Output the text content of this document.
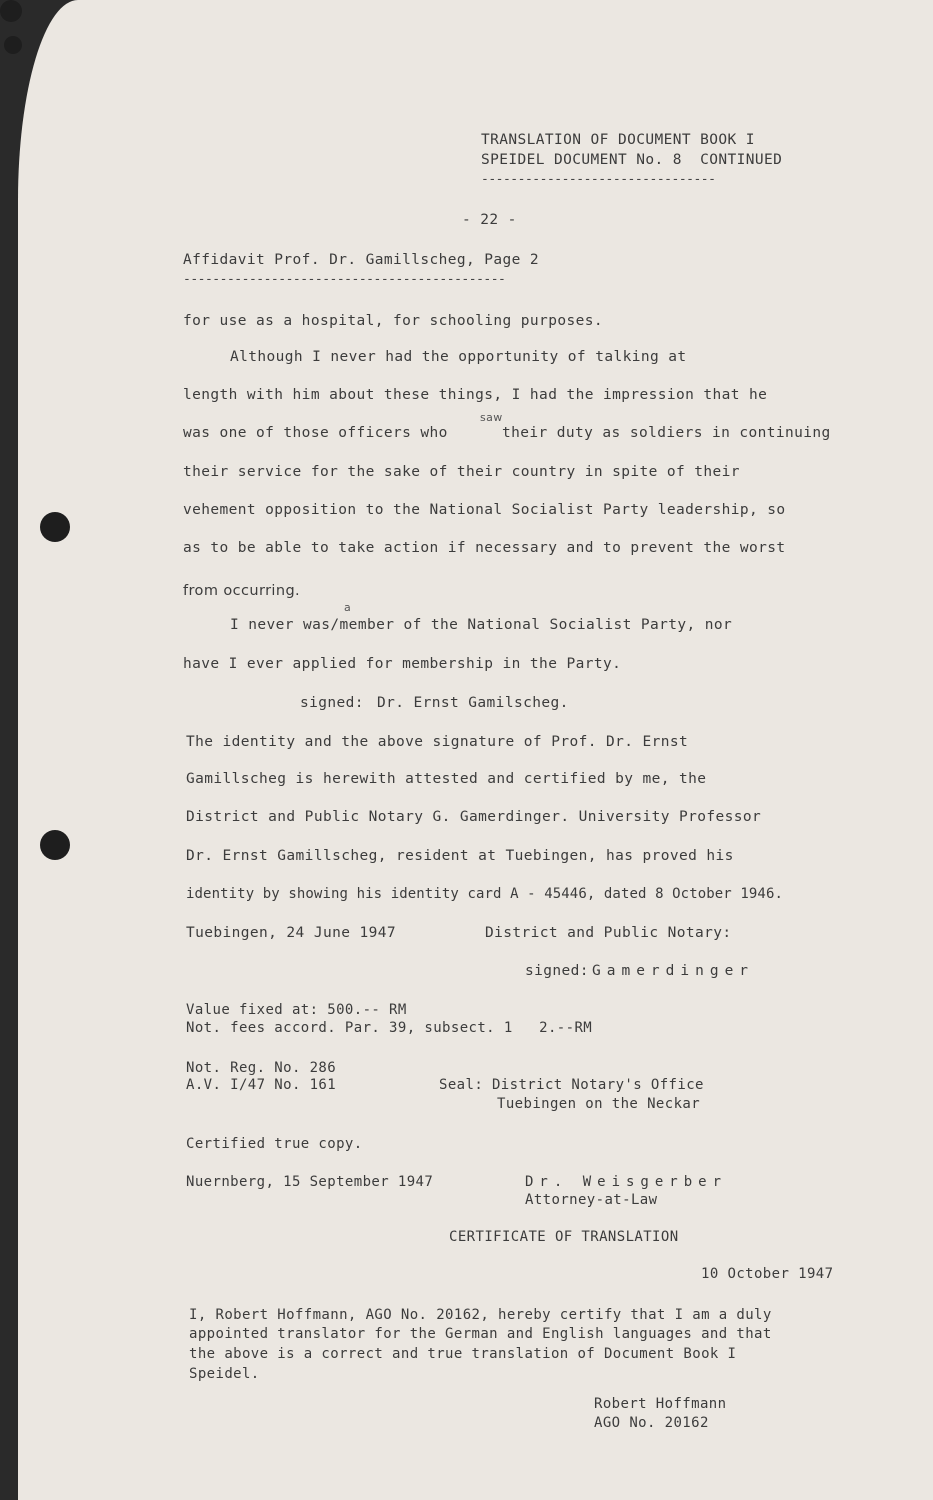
TRANSLATION OF DOCUMENT BOOK I
SPEIDEL DOCUMENT No. 8  CONTINUED
--------------------------------
- 22 -
Affidavit Prof. Dr. Gamillscheg, Page 2
--------------------------------------------
for use as a hospital, for schooling purposes.
Although I never had the opportunity of talking at
length with him about these things, I had the impression that he
was one of those officers who
saw
their duty as soldiers in continuing
their service for the sake of their country in spite of their
vehement opposition to the National Socialist Party leadership, so
as to be able to take action if necessary and to prevent the worst
from occurring.
a
I never was/member of the National Socialist Party, nor
have I ever applied for membership in the Party.
signed: Dr. Ernst Gamilscheg.
The identity and the above signature of Prof. Dr. Ernst
Gamillscheg is herewith attested and certified by me, the
District and Public Notary G. Gamerdinger. University Professor
Dr. Ernst Gamillscheg, resident at Tuebingen, has proved his
identity by showing his identity card A - 45446, dated 8 October 1946.
Tuebingen, 24 June 1947	District and Public Notary:
signed: Gamerdinger
Value fixed at: 500.-- RM
Not. fees accord. Par. 39, subsect. 1   2.--RM
Not. Reg. No. 286
A.V. I/47 No. 161	Seal: District Notary's Office
Tuebingen on the Neckar
Certified true copy.
Nuernberg, 15 September 1947	Dr. Weisgerber
Attorney-at-Law
CERTIFICATE OF TRANSLATION
10 October 1947
I, Robert Hoffmann, AGO No. 20162, hereby certify that I am a duly
appointed translator for the German and English languages and that
the above is a correct and true translation of Document Book I
Speidel.
Robert Hoffmann
AGO No. 20162
